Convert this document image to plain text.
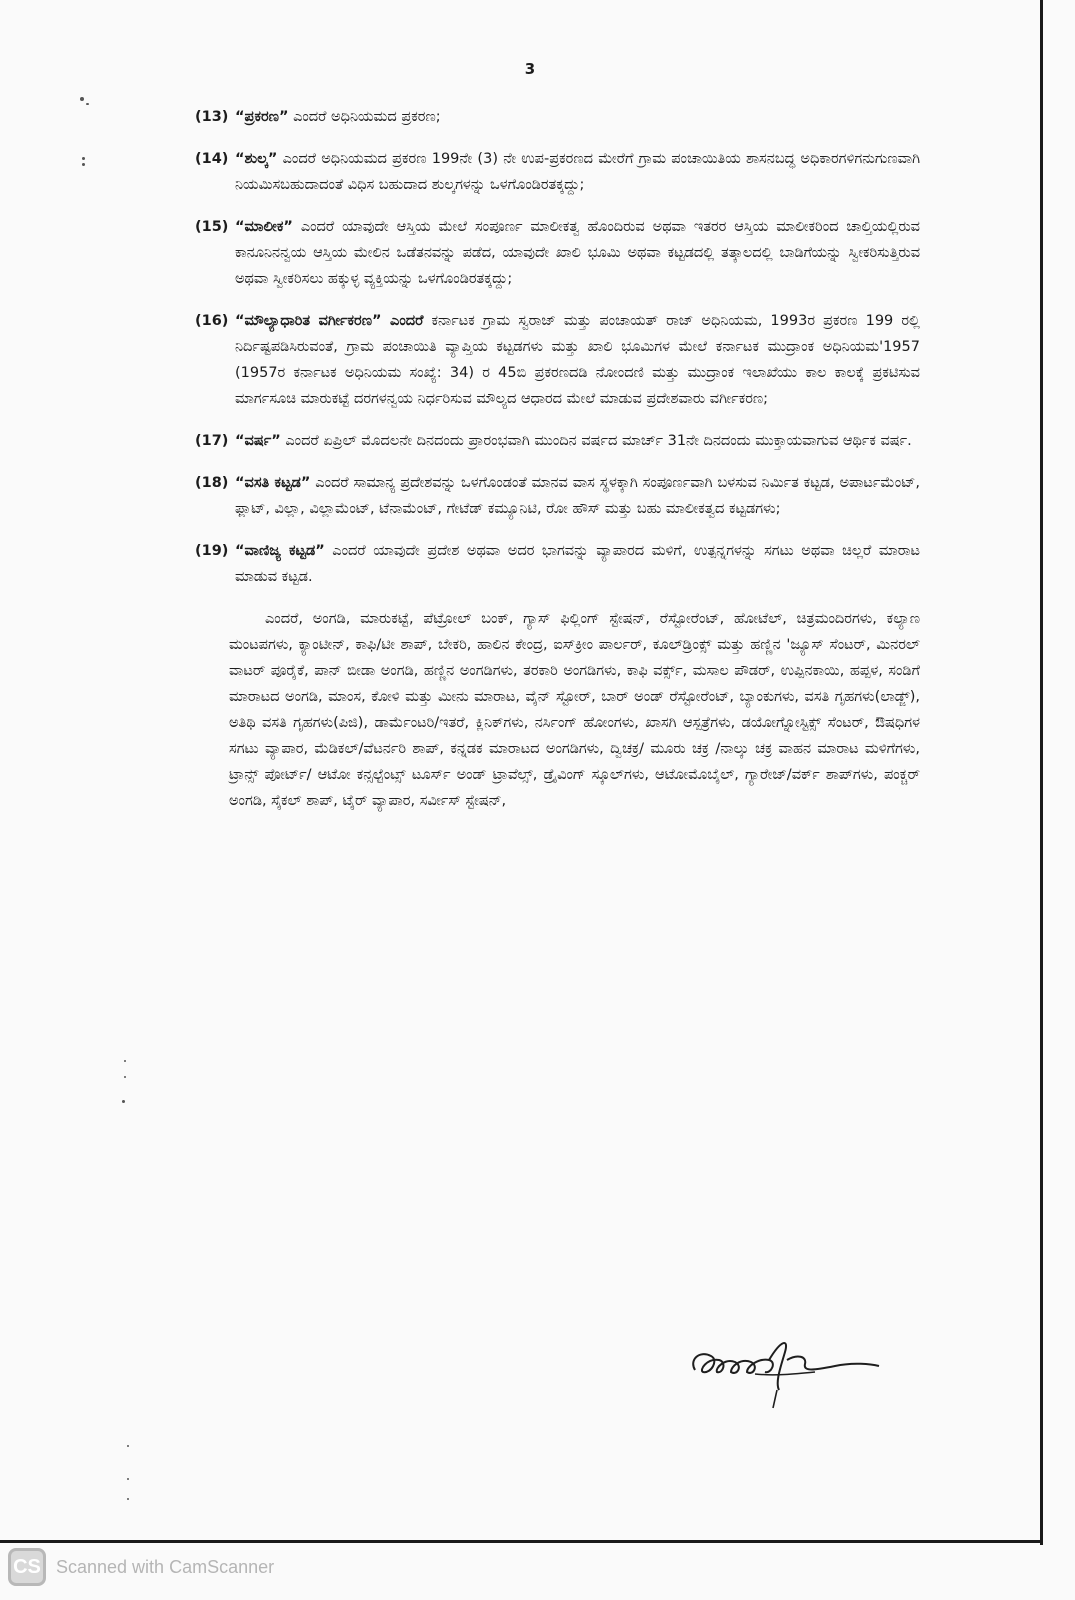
3
(13) “ಪ್ರಕರಣ” ಎಂದರೆ ಅಧಿನಿಯಮದ ಪ್ರಕರಣ;
(14) “ಶುಲ್ಕ” ಎಂದರೆ ಅಧಿನಿಯಮದ ಪ್ರಕರಣ 199ನೇ (3) ನೇ ಉಪ-ಪ್ರಕರಣದ ಮೇರೆಗೆ ಗ್ರಾಮ ಪಂಚಾಯಿತಿಯ ಶಾಸನಬದ್ಧ ಅಧಿಕಾರಗಳಿಗನುಗುಣವಾಗಿ ನಿಯಮಿಸಬಹುದಾದಂತೆ ವಿಧಿಸ ಬಹುದಾದ ಶುಲ್ಕಗಳನ್ನು ಒಳಗೊಂಡಿರತಕ್ಕದ್ದು;
(15) “ಮಾಲೀಕ” ಎಂದರೆ ಯಾವುದೇ ಆಸ್ತಿಯ ಮೇಲೆ ಸಂಪೂರ್ಣ ಮಾಲೀಕತ್ವ ಹೊಂದಿರುವ ಅಥವಾ ಇತರರ ಆಸ್ತಿಯ ಮಾಲೀಕರಿಂದ ಚಾಲ್ತಿಯಲ್ಲಿರುವ ಕಾನೂನಿನನ್ವಯ ಆಸ್ತಿಯ ಮೇಲಿನ ಒಡೆತನವನ್ನು ಪಡೆದ, ಯಾವುದೇ ಖಾಲಿ ಭೂಮಿ ಅಥವಾ ಕಟ್ಟಡದಲ್ಲಿ ತತ್ಕಾಲದಲ್ಲಿ ಬಾಡಿಗೆಯನ್ನು ಸ್ವೀಕರಿಸುತ್ತಿರುವ ಅಥವಾ ಸ್ವೀಕರಿಸಲು ಹಕ್ಕುಳ್ಳ ವ್ಯಕ್ತಿಯನ್ನು ಒಳಗೊಂಡಿರತಕ್ಕದ್ದು;
(16) “ಮೌಲ್ಯಾಧಾರಿತ ವರ್ಗೀಕರಣ” ಎಂದರೆ ಕರ್ನಾಟಕ ಗ್ರಾಮ ಸ್ವರಾಜ್ ಮತ್ತು ಪಂಚಾಯತ್ ರಾಜ್ ಅಧಿನಿಯಮ, 1993ರ ಪ್ರಕರಣ 199 ರಲ್ಲಿ ನಿರ್ದಿಷ್ಟಪಡಿಸಿರುವಂತೆ, ಗ್ರಾಮ ಪಂಚಾಯಿತಿ ವ್ಯಾಪ್ತಿಯ ಕಟ್ಟಡಗಳು ಮತ್ತು ಖಾಲಿ ಭೂಮಿಗಳ ಮೇಲೆ ಕರ್ನಾಟಕ ಮುದ್ರಾಂಕ ಅಧಿನಿಯಮ'1957 (1957ರ ಕರ್ನಾಟಕ ಅಧಿನಿಯಮ ಸಂಖ್ಯೆ: 34) ರ 45ಬಿ ಪ್ರಕರಣದಡಿ ನೋಂದಣಿ ಮತ್ತು ಮುದ್ರಾಂಕ ಇಲಾಖೆಯು ಕಾಲ ಕಾಲಕ್ಕೆ ಪ್ರಕಟಿಸುವ ಮಾರ್ಗಸೂಚಿ ಮಾರುಕಟ್ಟೆ ದರಗಳನ್ವಯ ನಿರ್ಧರಿಸುವ ಮೌಲ್ಯದ ಆಧಾರದ ಮೇಲೆ ಮಾಡುವ ಪ್ರದೇಶವಾರು ವರ್ಗೀಕರಣ;
(17) “ವರ್ಷ” ಎಂದರೆ ಏಪ್ರಿಲ್ ಮೊದಲನೇ ದಿನದಂದು ಪ್ರಾರಂಭವಾಗಿ ಮುಂದಿನ ವರ್ಷದ ಮಾರ್ಚ್ 31ನೇ ದಿನದಂದು ಮುಕ್ತಾಯವಾಗುವ ಆರ್ಥಿಕ ವರ್ಷ.
(18) “ವಸತಿ ಕಟ್ಟಡ” ಎಂದರೆ ಸಾಮಾನ್ಯ ಪ್ರದೇಶವನ್ನು ಒಳಗೊಂಡಂತೆ ಮಾನವ ವಾಸ ಸ್ಥಳಕ್ಕಾಗಿ ಸಂಪೂರ್ಣವಾಗಿ ಬಳಸುವ ನಿರ್ಮಿತ ಕಟ್ಟಡ, ಅಪಾರ್ಟಮೆಂಟ್, ಫ್ಲಾಟ್, ವಿಲ್ಲಾ, ವಿಲ್ಲಾಮೆಂಟ್, ಟೆನಾಮೆಂಟ್, ಗೇಟೆಡ್ ಕಮ್ಯೂನಿಟಿ, ರೋ ಹೌಸ್ ಮತ್ತು ಬಹು ಮಾಲೀಕತ್ವದ ಕಟ್ಟಡಗಳು;
(19) “ವಾಣಿಜ್ಯ ಕಟ್ಟಡ” ಎಂದರೆ ಯಾವುದೇ ಪ್ರದೇಶ ಅಥವಾ ಅದರ ಭಾಗವನ್ನು ವ್ಯಾಪಾರದ ಮಳಿಗೆ, ಉತ್ಪನ್ನಗಳನ್ನು ಸಗಟು ಅಥವಾ ಚಿಲ್ಲರೆ ಮಾರಾಟ ಮಾಡುವ ಕಟ್ಟಡ.

ಎಂದರೆ, ಅಂಗಡಿ, ಮಾರುಕಟ್ಟೆ, ಪೆಟ್ರೋಲ್ ಬಂಕ್, ಗ್ಯಾಸ್ ಫಿಲ್ಲಿಂಗ್ ಸ್ಟೇಷನ್, ರೆಸ್ಟೋರೆಂಟ್, ಹೋಟೆಲ್, ಚಿತ್ರಮಂದಿರಗಳು, ಕಲ್ಯಾಣ ಮಂಟಪಗಳು, ಕ್ಯಾಂಟೀನ್, ಕಾಫಿ/ಟೀ ಶಾಪ್, ಬೇಕರಿ, ಹಾಲಿನ ಕೇಂದ್ರ, ಐಸ್‌ಕ್ರೀಂ ಪಾರ್ಲರ್, ಕೂಲ್‌ಡ್ರಿಂಕ್ಸ್ ಮತ್ತು ಹಣ್ಣಿನ 'ಜ್ಯೂಸ್ ಸೆಂಟರ್, ಮಿನರಲ್ ವಾಟರ್ ಪೂರೈಕೆ, ಪಾನ್ ಬೀಡಾ ಅಂಗಡಿ, ಹಣ್ಣಿನ ಅಂಗಡಿಗಳು, ತರಕಾರಿ ಅಂಗಡಿಗಳು, ಕಾಫಿ ವರ್ಕ್ಸ್, ಮಸಾಲ ಪೌಡರ್, ಉಪ್ಪಿನಕಾಯಿ, ಹಪ್ಪಳ, ಸಂಡಿಗೆ ಮಾರಾಟದ ಅಂಗಡಿ, ಮಾಂಸ, ಕೋಳಿ ಮತ್ತು ಮೀನು ಮಾರಾಟ, ವೈನ್ ಸ್ಟೋರ್, ಬಾರ್ ಅಂಡ್ ರೆಸ್ಟೋರೆಂಟ್, ಬ್ಯಾಂಕುಗಳು, ವಸತಿ ಗೃಹಗಳು(ಲಾಡ್ಜ್), ಅತಿಥಿ ವಸತಿ ಗೃಹಗಳು(ಪಿಜಿ), ಡಾರ್ಮೆಂಟರಿ/ಇತರೆ, ಕ್ಲಿನಿಕ್‌ಗಳು, ನರ್ಸಿಂಗ್ ಹೋಂಗಳು, ಖಾಸಗಿ ಆಸ್ಪತ್ರೆಗಳು, ಡಯೋಗ್ನೋಸ್ಟಿಕ್ಸ್ ಸೆಂಟರ್, ಔಷಧಿಗಳ ಸಗಟು ವ್ಯಾಪಾರ, ಮೆಡಿಕಲ್/ವೆಟರ್ನರಿ ಶಾಪ್, ಕನ್ನಡಕ ಮಾರಾಟದ ಅಂಗಡಿಗಳು, ದ್ವಿಚಕ್ರ/ ಮೂರು ಚಕ್ರ /ನಾಲ್ಕು ಚಕ್ರ ವಾಹನ ಮಾರಾಟ ಮಳಿಗೆಗಳು, ಟ್ರಾನ್ಸ್ ಪೋರ್ಟ್/ ಆಟೋ ಕನ್ಸಲ್ಟೆಂಟ್ಸ್ ಟೂರ್ಸ್ ಅಂಡ್ ಟ್ರಾವೆಲ್ಸ್, ಡ್ರೈವಿಂಗ್ ಸ್ಕೂಲ್‌ಗಳು, ಆಟೋಮೊಬೈಲ್, ಗ್ಯಾರೇಜ್/ವರ್ಕ್ ಶಾಪ್‌ಗಳು, ಪಂಕ್ಚರ್ ಅಂಗಡಿ, ಸೈಕಲ್ ಶಾಪ್, ಟೈರ್ ವ್ಯಾಪಾರ, ಸರ್ವೀಸ್ ಸ್ಟೇಷನ್,

CS Scanned with CamScanner
